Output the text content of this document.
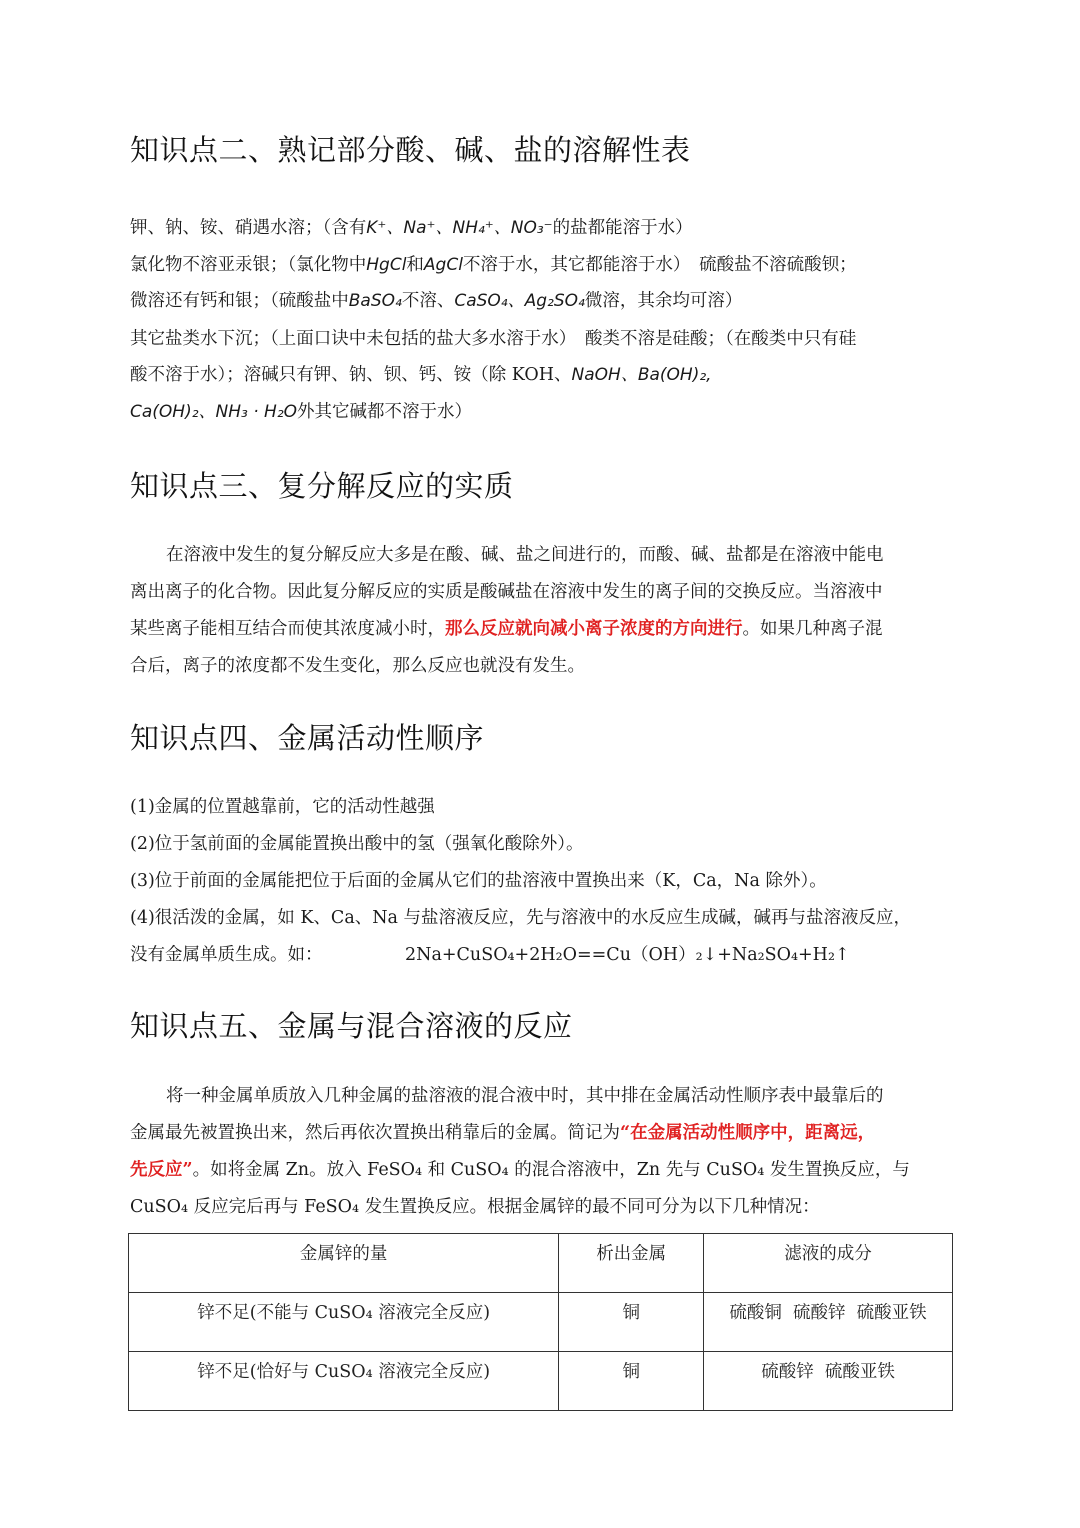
知识点二、熟记部分酸、碱、盐的溶解性表
钾、钠、铵、硝遇水溶；（含有K⁺、Na⁺、NH₄⁺、NO₃⁻的盐都能溶于水）
氯化物不溶亚汞银；（氯化物中HgCl和AgCl不溶于水，其它都能溶于水）　硫酸盐不溶硫酸钡；
微溶还有钙和银；（硫酸盐中BaSO₄不溶、CaSO₄、Ag₂SO₄微溶，其余均可溶）
其它盐类水下沉；（上面口诀中未包括的盐大多水溶于水）　酸类不溶是硅酸；（在酸类中只有硅
酸不溶于水）；溶碱只有钾、钠、钡、钙、铵（除 KOH、NaOH、Ba(OH)₂,
Ca(OH)₂、NH₃ · H₂O外其它碱都不溶于水）
知识点三、复分解反应的实质
在溶液中发生的复分解反应大多是在酸、碱、盐之间进行的，而酸、碱、盐都是在溶液中能电
离出离子的化合物。因此复分解反应的实质是酸碱盐在溶液中发生的离子间的交换反应。当溶液中
某些离子能相互结合而使其浓度减小时，那么反应就向减小离子浓度的方向进行。如果几种离子混
合后，离子的浓度都不发生变化，那么反应也就没有发生。
知识点四、金属活动性顺序
(1)金属的位置越靠前，它的活动性越强
(2)位于氢前面的金属能置换出酸中的氢（强氧化酸除外）。
(3)位于前面的金属能把位于后面的金属从它们的盐溶液中置换出来（K，Ca，Na 除外）。
(4)很活泼的金属，如 K、Ca、Na 与盐溶液反应，先与溶液中的水反应生成碱，碱再与盐溶液反应，
没有金属单质生成。如：	2Na+CuSO₄+2H₂O==Cu（OH）₂↓+Na₂SO₄+H₂↑
知识点五、金属与混合溶液的反应
将一种金属单质放入几种金属的盐溶液的混合液中时，其中排在金属活动性顺序表中最靠后的
金属最先被置换出来，然后再依次置换出稍靠后的金属。简记为“在金属活动性顺序中，距离远，
先反应”。如将金属 Zn。放入 FeSO₄ 和 CuSO₄ 的混合溶液中，Zn 先与 CuSO₄ 发生置换反应，与
CuSO₄ 反应完后再与 FeSO₄ 发生置换反应。根据金属锌的最不同可分为以下几种情况：
金属锌的量	析出金属	滤液的成分
锌不足(不能与 CuSO₄ 溶液完全反应)	铜	硫酸铜  硫酸锌  硫酸亚铁
锌不足(恰好与 CuSO₄ 溶液完全反应)	铜	硫酸锌  硫酸亚铁
